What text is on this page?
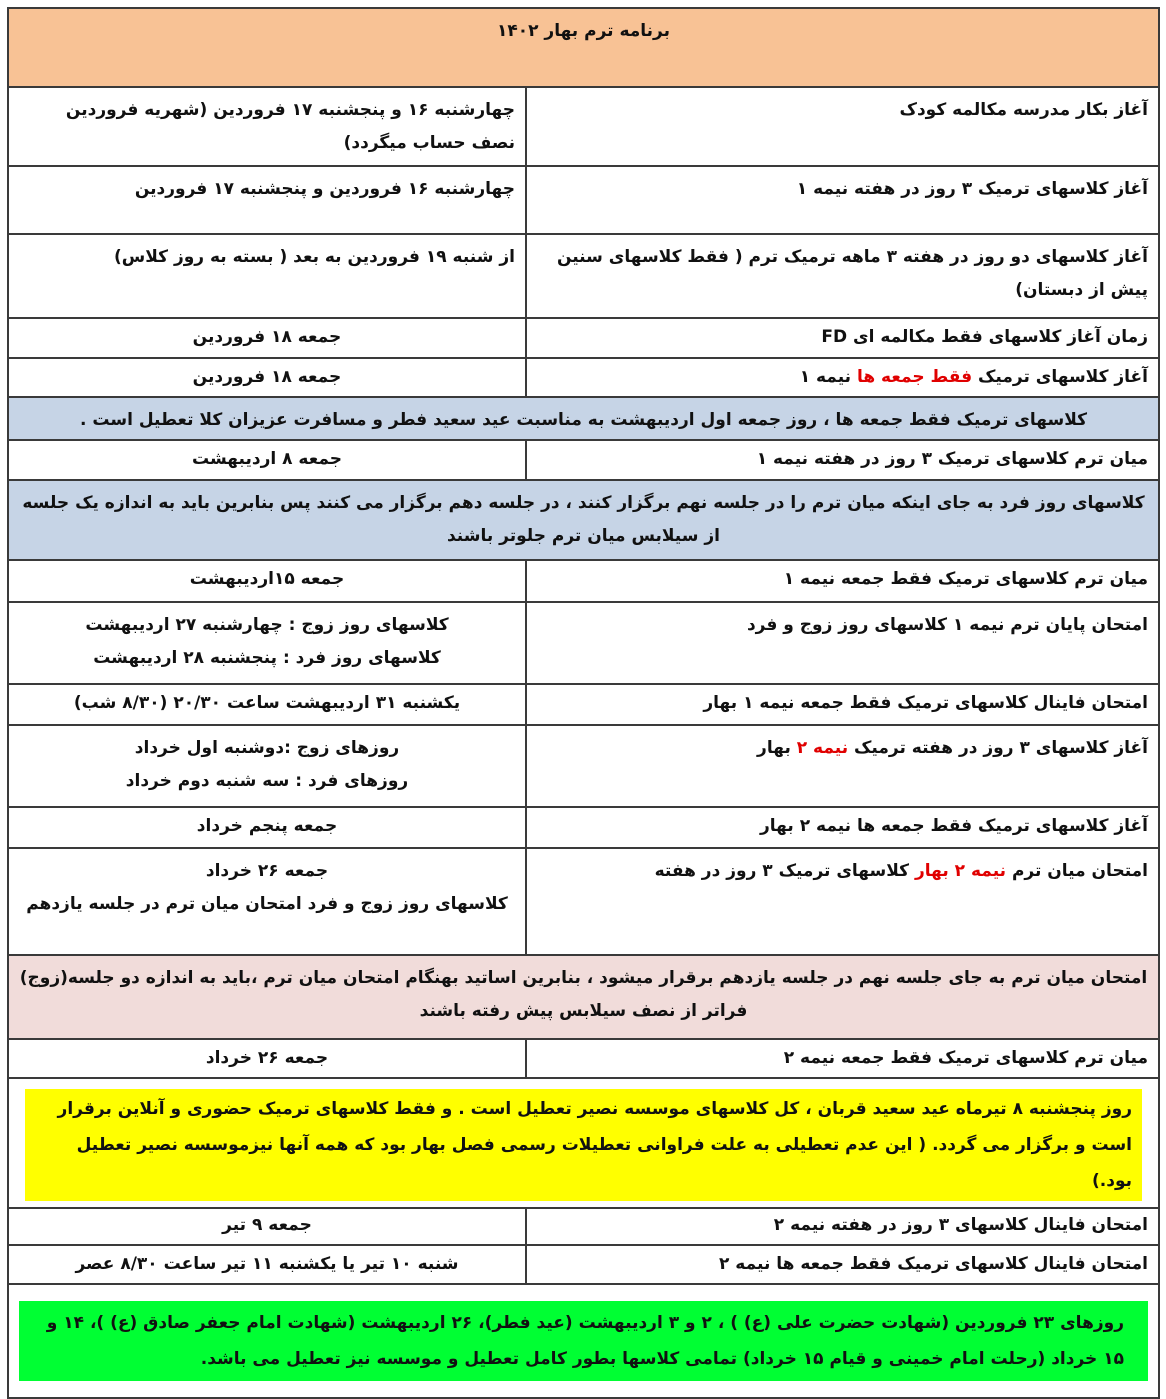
برنامه ترم بهار ۱۴۰۲	
آغاز بکار مدرسه مکالمه کودک	چهارشنبه ۱۶ و پنجشنبه ۱۷ فروردین (شهریه فروردین نصف حساب میگردد)
آغاز کلاسهای ترمیک ۳ روز در هفته نیمه ۱	چهارشنبه ۱۶ فروردین و پنجشنبه ۱۷ فروردین
آغاز کلاسهای دو روز در هفته ۳ ماهه ترمیک ترم ( فقط کلاسهای سنین پیش از دبستان)	از شنبه ۱۹ فروردین به بعد ( بسته به روز کلاس)
زمان آغاز کلاسهای فقط مکالمه ای FD	جمعه ۱۸ فروردین
آغاز کلاسهای ترمیک فقط جمعه ها نیمه ۱	جمعه ۱۸ فروردین
کلاسهای ترمیک فقط جمعه ها ، روز جمعه اول اردیبهشت به مناسبت عید سعید فطر و مسافرت عزیزان کلا تعطیل است .	
میان ترم کلاسهای ترمیک ۳ روز در هفته نیمه ۱	جمعه ۸ اردیبهشت
کلاسهای روز فرد به جای اینکه میان ترم را در جلسه نهم برگزار کنند ، در جلسه دهم برگزار می کنند پس بنابرین باید به اندازه یک جلسه از سیلابس میان ترم جلوتر باشند	
میان ترم کلاسهای ترمیک فقط جمعه نیمه ۱	جمعه ۱۵اردیبهشت
امتحان پایان ترم نیمه ۱ کلاسهای روز زوج و فرد	کلاسهای روز زوج : چهارشنبه ۲۷ اردیبهشت
کلاسهای روز فرد : پنجشنبه ۲۸ اردیبهشت

امتحان فاینال کلاسهای ترمیک فقط جمعه نیمه ۱ بهار	یکشنبه ۳۱ اردیبهشت ساعت ۲۰/۳۰ (۸/۳۰ شب)
آغاز کلاسهای ۳ روز در هفته ترمیک نیمه ۲ بهار	روزهای زوج :دوشنبه اول خرداد
روزهای فرد : سه شنبه دوم خرداد

آغاز کلاسهای ترمیک فقط جمعه ها نیمه ۲ بهار	جمعه پنجم خرداد
امتحان میان ترم نیمه ۲ بهار کلاسهای ترمیک ۳ روز در هفته	جمعه ۲۶ خرداد
کلاسهای روز زوج و فرد امتحان میان ترم در جلسه یازدهم

امتحان میان ترم به جای جلسه نهم در جلسه یازدهم برقرار میشود ، بنابرین اساتید بهنگام امتحان میان ترم ،باید به اندازه دو جلسه(زوج) فراتر از نصف سیلابس پیش رفته باشند	
میان ترم کلاسهای ترمیک فقط جمعه نیمه ۲	جمعه ۲۶ خرداد

روز پنجشنبه ۸ تیرماه عید سعید قربان ، کل کلاسهای موسسه نصیر تعطیل است . و فقط کلاسهای ترمیک حضوری و آنلاین برقرار است و برگزار می گردد. ( این عدم تعطیلی به علت فراوانی تعطیلات رسمی فصل بهار بود که همه آنها نیزموسسه نصیر تعطیل بود.)	

امتحان فاینال کلاسهای ۳ روز در هفته نیمه ۲	جمعه ۹ تیر
امتحان فاینال کلاسهای ترمیک فقط جمعه ها نیمه ۲	شنبه ۱۰ تیر یا یکشنبه ۱۱ تیر ساعت ۸/۳۰ عصر

روزهای ۲۳ فروردین (شهادت حضرت علی (ع) ) ، ۲ و ۳ اردیبهشت (عید فطر)، ۲۶ اردیبهشت (شهادت امام جعفر صادق (ع) )، ۱۴ و ۱۵ خرداد (رحلت امام خمینی و قیام ۱۵ خرداد) تمامی کلاسها بطور کامل تعطیل و موسسه نیز تعطیل می باشد.	
